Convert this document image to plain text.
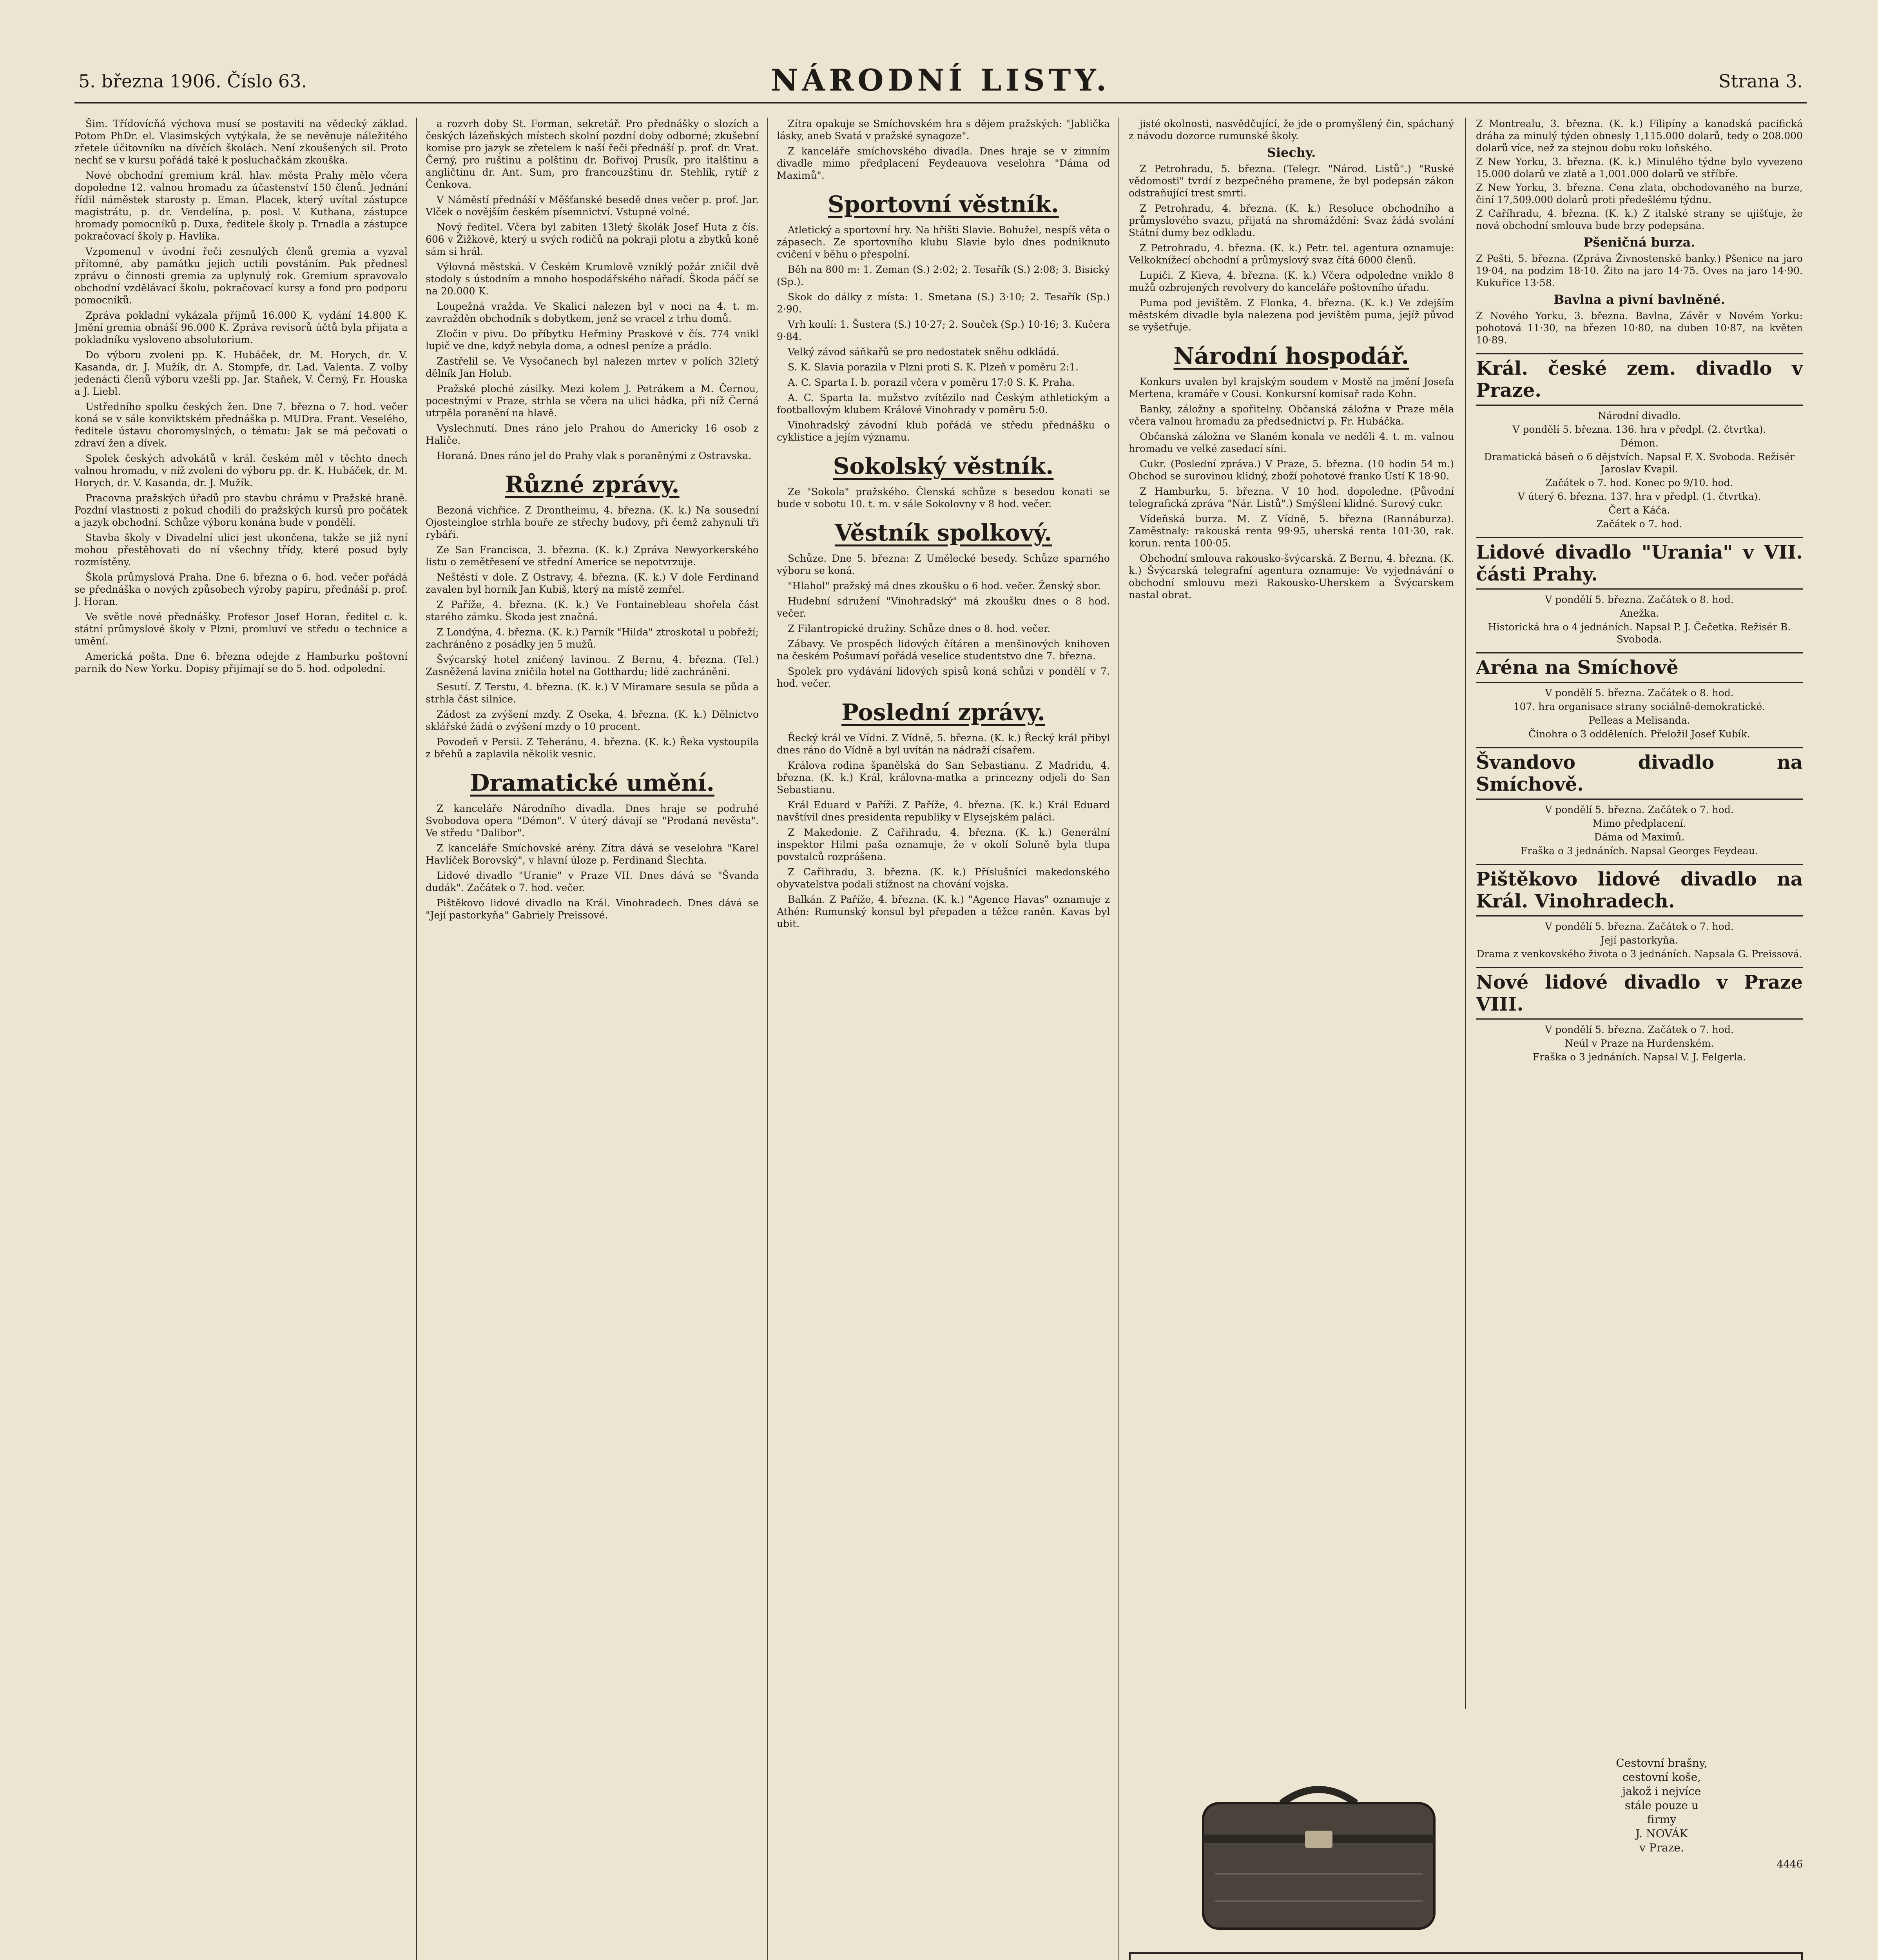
5. března 1906. Číslo 63.	NÁRODNÍ LISTY.	Strana 3.

Šim. Třídovícňá výchova musí se postaviti na vědecký základ. Potom PhDr. el. Vlasimských vytýkala, že se nevěnuje náležitého zřetele účitovníku na dívčích školách. Není zkoušených sil. Proto nechť se v kursu pořádá také k posluchačkám zkouška.

Nové obchodní gremium král. hlav. města Prahy mělo včera dopoledne 12. valnou hromadu za účastenství 150 členů. Jednání řídil náměstek starosty p. Eman. Placek, který uvítal zástupce magistrátu, p. dr. Vendelína, p. posl. V. Kuthana, zástupce hromady pomocníků p. Duxa, ředitele školy p. Trnadla a zástupce pokračovací školy p. Havlíka.

Vzpomenul v úvodní řeči zesnulých členů gremia a vyzval přítomné, aby památku jejich uctili povstáním. Pak přednesl zprávu o činnosti gremia za uplynulý rok. Gremium spravovalo obchodní vzdělávací školu, pokračovací kursy a fond pro podporu pomocníků.

Zpráva pokladní vykázala příjmů 16.000 K, vydání 14.800 K. Jmění gremia obnáší 96.000 K. Zpráva revisorů účtů byla přijata a pokladníku vysloveno absolutorium.

Do výboru zvoleni pp. K. Hubáček, dr. M. Horych, dr. V. Kasanda, dr. J. Mužík, dr. A. Stompfe, dr. Lad. Valenta. Z volby jedenácti členů výboru vzešli pp. Jar. Staňek, V. Černý, Fr. Houska a J. Liebl.

Ustředního spolku českých žen. Dne 7. března o 7. hod. večer koná se v sále konviktském přednáška p. MUDra. Frant. Veselého, ředitele ústavu choromyslných, o tématu: Jak se má pečovati o zdraví žen a dívek.

Spolek českých advokátů v král. českém měl v těchto dnech valnou hromadu, v níž zvoleni do výboru pp. dr. K. Hubáček, dr. M. Horych, dr. V. Kasanda, dr. J. Mužík.

Pracovna pražských úřadů pro stavbu chrámu v Pražské hraně. Pozdní vlastnosti z pokud chodili do pražských kursů pro počátek a jazyk obchodní. Schůze výboru konána bude v pondělí.

Stavba školy v Divadelní ulici jest ukončena, takže se již nyní mohou přestěhovati do ní všechny třídy, které posud byly rozmístěny.

Škola průmyslová Praha. Dne 6. března o 6. hod. večer pořádá se přednáška o nových způsobech výroby papíru, přednáší p. prof. J. Horan.

Ve světle nové přednášky. Profesor Josef Horan, ředitel c. k. státní průmyslové školy v Plzni, promluví ve středu o technice a umění.

Americká pošta. Dne 6. března odejde z Hamburku poštovní parník do New Yorku. Dopisy přijímají se do 5. hod. odpolední.

a rozvrh doby St. Forman, sekretář. Pro přednášky o slozích a českých lázeňských místech skolní pozdní doby odborné; zkušební komise pro jazyk se zřetelem k naší řeči přednáší p. prof. dr. Vrat. Černý, pro ruštinu a polštinu dr. Bořivoj Prusík, pro italštinu a angličtinu dr. Ant. Sum, pro francouzštinu dr. Stehlík, rytíř z Čenkova.

V Náměstí přednáší v Měšťanské besedě dnes večer p. prof. Jar. Vlček o novějším českém písemnictví. Vstupné volné.

Nový ředitel. Včera byl zabiten 13letý školák Josef Huta z čís. 606 v Žižkově, který u svých rodičů na pokraji plotu a zbytků koně sám si hrál.

Výlovná městská. V Českém Krumlově vzniklý požár zničil dvě stodoly s ústodním a mnoho hospodářského nářadí. Škoda páčí se na 20.000 K.

Loupežná vražda. Ve Skalici nalezen byl v noci na 4. t. m. zavražděn obchodník s dobytkem, jenž se vracel z trhu domů.

Zločin v pivu. Do příbytku Heřminy Praskové v čís. 774 vnikl lupič ve dne, když nebyla doma, a odnesl peníze a prádlo.

Zastřelil se. Ve Vysočanech byl nalezen mrtev v polích 32letý dělník Jan Holub.

Pražské ploché zásilky. Mezi kolem J. Petrákem a M. Černou, pocestnými v Praze, strhla se včera na ulici hádka, při níž Černá utrpěla poranění na hlavě.

Vyslechnutí. Dnes ráno jelo Prahou do Americky 16 osob z Haliče.

Horaná. Dnes ráno jel do Prahy vlak s poraněnými z Ostravska.

Různé zprávy.

Bezoná vichřice. Z Drontheimu, 4. března. (K. k.) Na sousední Ojosteingloe strhla bouře ze střechy budovy, při čemž zahynuli tři rybáři.

Ze San Francisca, 3. března. (K. k.) Zpráva Newyorkerského listu o zemětřesení ve střední Americe se nepotvrzuje.

Neštěstí v dole. Z Ostravy, 4. března. (K. k.) V dole Ferdinand zavalen byl horník Jan Kubiš, který na místě zemřel.

Z Paříže, 4. března. (K. k.) Ve Fontainebleau shořela část starého zámku. Škoda jest značná.

Z Londýna, 4. března. (K. k.) Parník "Hilda" ztroskotal u pobřeží; zachráněno z posádky jen 5 mužů.

Švýcarský hotel zničený lavinou. Z Bernu, 4. března. (Tel.) Zasněžená lavina zničila hotel na Gotthardu; lidé zachráněni.

Sesutí. Z Terstu, 4. března. (K. k.) V Miramare sesula se půda a strhla část silnice.

Zádost za zvýšení mzdy. Z Oseka, 4. března. (K. k.) Dělnictvo sklářské žádá o zvýšení mzdy o 10 procent.

Povodeň v Persii. Z Teheránu, 4. března. (K. k.) Řeka vystoupila z břehů a zaplavila několik vesnic.

Dramatické umění.

Z kanceláře Národního divadla. Dnes hraje se podruhé Svobodova opera "Démon". V úterý dávají se "Prodaná nevěsta". Ve středu "Dalibor".

Z kanceláře Smíchovské arény. Zítra dává se veselohra "Karel Havlíček Borovský", v hlavní úloze p. Ferdinand Šlechta.

Lidové divadlo "Uranie" v Praze VII. Dnes dává se "Švanda dudák". Začátek o 7. hod. večer.

Pištěkovo lidové divadlo na Král. Vinohradech. Dnes dává se "Její pastorkyňa" Gabriely Preissové.

Zítra opakuje se Smíchovském hra s dějem pražských: "Jablička lásky, aneb Svatá v pražské synagoze".

Z kanceláře smíchovského divadla. Dnes hraje se v zimním divadle mimo předplacení Feydeauova veselohra "Dáma od Maximů".

Sportovní věstník.

Atletický a sportovní hry. Na hřišti Slavie. Bohužel, nespíš věta o zápasech. Ze sportovního klubu Slavie bylo dnes podniknuto cvičení v běhu o přespolní.

Běh na 800 m: 1. Zeman (S.) 2:02; 2. Tesařík (S.) 2:08; 3. Bisický (Sp.).

Skok do dálky z místa: 1. Smetana (S.) 3·10; 2. Tesařík (Sp.) 2·90.

Vrh koulí: 1. Šustera (S.) 10·27; 2. Souček (Sp.) 10·16; 3. Kučera 9·84.

Velký závod sáňkařů se pro nedostatek sněhu odkládá.

S. K. Slavia porazila v Plzni proti S. K. Plzeň v poměru 2:1.

A. C. Sparta I. b. porazil včera v poměru 17:0 S. K. Praha.

A. C. Sparta Ia. mužstvo zvítězilo nad Českým athletickým a footballovým klubem Králové Vinohrady v poměru 5:0.

Vinohradský závodní klub pořádá ve středu přednášku o cyklistice a jejím významu.

Sokolský věstník.

Ze "Sokola" pražského. Členská schůze s besedou konati se bude v sobotu 10. t. m. v sále Sokolovny v 8 hod. večer.

Věstník spolkový.

Schůze. Dne 5. března: Z Umělecké besedy. Schůze sparného výboru se koná.

"Hlahol" pražský má dnes zkoušku o 6 hod. večer. Ženský sbor.

Hudební sdružení "Vinohradský" má zkoušku dnes o 8 hod. večer.

Z Filantropické družiny. Schůze dnes o 8. hod. večer.

Zábavy. Ve prospěch lidových čítáren a menšinových knihoven na českém Pošumaví pořádá veselice studentstvo dne 7. března.

Spolek pro vydávání lidových spisů koná schůzi v pondělí v 7. hod. večer.

Poslední zprávy.

Řecký král ve Vídni. Z Vídně, 5. března. (K. k.) Řecký král přibyl dnes ráno do Vídně a byl uvítán na nádraží císařem.

Králova rodina španělská do San Sebastianu. Z Madridu, 4. března. (K. k.) Král, královna-matka a princezny odjeli do San Sebastianu.

Král Eduard v Paříži. Z Paříže, 4. března. (K. k.) Král Eduard navštívil dnes presidenta republiky v Elysejském paláci.

Z Makedonie. Z Cařihradu, 4. března. (K. k.) Generální inspektor Hilmi paša oznamuje, že v okolí Soluně byla tlupa povstalců rozprášena.

Z Cařihradu, 3. března. (K. k.) Příslušníci makedonského obyvatelstva podali stížnost na chování vojska.

Balkán. Z Paříže, 4. března. (K. k.) "Agence Havas" oznamuje z Athén: Rumunský konsul byl přepaden a těžce raněn. Kavas byl ubit.

jisté okolnosti, nasvědčující, že jde o promyšlený čin, spáchaný z návodu dozorce rumunské školy.

Siechy.

Z Petrohradu, 5. března. (Telegr. "Národ. Listů".) "Ruské vědomosti" tvrdí z bezpečného pramene, že byl podepsán zákon odstraňující trest smrti.

Z Petrohradu, 4. března. (K. k.) Resoluce obchodního a průmyslového svazu, přijatá na shromáždění: Svaz žádá svolání Státní dumy bez odkladu.

Z Petrohradu, 4. března. (K. k.) Petr. tel. agentura oznamuje: Velkoknížecí obchodní a průmyslový svaz čítá 6000 členů.

Lupiči. Z Kieva, 4. března. (K. k.) Včera odpoledne vniklo 8 mužů ozbrojených revolvery do kanceláře poštovního úřadu.

Puma pod jevištěm. Z Flonka, 4. března. (K. k.) Ve zdejším městském divadle byla nalezena pod jevištěm puma, jejíž původ se vyšetřuje.

Národní hospodář.

Konkurs uvalen byl krajským soudem v Mostě na jmění Josefa Mertena, kramáře v Cousi. Konkursní komisař rada Kohn.

Banky, záložny a spořitelny. Občanská záložna v Praze měla včera valnou hromadu za předsednictví p. Fr. Hubáčka.

Občanská záložna ve Slaném konala ve neděli 4. t. m. valnou hromadu ve velké zasedací síni.

Cukr. (Poslední zpráva.) V Praze, 5. března. (10 hodin 54 m.) Obchod se surovinou klidný, zboží pohotové franko Ústí K 18·90.

Z Hamburku, 5. března. V 10 hod. dopoledne. (Původní telegrafická zpráva "Nár. Listů".) Smýšlení klidné. Surový cukr.

Vídeňská burza. M. Z Vídně, 5. března (Rannáburza). Zaměstnaly: rakouská renta 99·95, uherská renta 101·30, rak. korun. renta 100·05.

Obchodní smlouva rakousko-švýcarská. Z Bernu, 4. března. (K. k.) Švýcarská telegrafní agentura oznamuje: Ve vyjednávání o obchodní smlouvu mezi Rakousko-Uherskem a Švýcarskem nastal obrat.

Z Montrealu, 3. března. (K. k.) Filipíny a kanadská pacifická dráha za minulý týden obnesly 1,115.000 dolarů, tedy o 208.000 dolarů více, než za stejnou dobu roku loňského.

Z New Yorku, 3. března. (K. k.) Minulého týdne bylo vyvezeno 15.000 dolarů ve zlatě a 1,001.000 dolarů ve stříbře.

Z New Yorku, 3. března. Cena zlata, obchodovaného na burze, činí 17,509.000 dolarů proti předešlému týdnu.

Z Caříhradu, 4. března. (K. k.) Z italské strany se ujišťuje, že nová obchodní smlouva bude brzy podepsána.

Pšeničná burza.

Z Pešti, 5. března. (Zpráva Živnostenské banky.) Pšenice na jaro 19·04, na podzim 18·10. Žito na jaro 14·75. Oves na jaro 14·90. Kukuřice 13·58.

Bavlna a pivní bavlněné.

Z Nového Yorku, 3. března. Bavlna, Závěr v Novém Yorku: pohotová 11·30, na březen 10·80, na duben 10·87, na květen 10·89.

Král. české zem. divadlo v Praze.

Národní divadlo.

V pondělí 5. března. 136. hra v předpl. (2. čtvrtka).

Démon.

Dramatická báseň o 6 dějstvích. Napsal F. X. Svoboda. Režisér Jaroslav Kvapil.

Začátek o 7. hod. Konec po 9/10. hod.

V úterý 6. března. 137. hra v předpl. (1. čtvrtka).

Čert a Káča.

Začátek o 7. hod.

Lidové divadlo "Urania" v VII. části Prahy.

V pondělí 5. března. Začátek o 8. hod.

Anežka.

Historická hra o 4 jednáních. Napsal P. J. Čečetka. Režisér B. Svoboda.

Aréna na Smíchově

V pondělí 5. března. Začátek o 8. hod.

107. hra organisace strany sociálně-demokratické.

Pelleas a Melisanda.

Činohra o 3 odděleních. Přeložil Josef Kubík.

Švandovo divadlo na Smíchově.

V pondělí 5. března. Začátek o 7. hod.

Mimo předplacení.

Dáma od Maximů.

Fraška o 3 jednáních. Napsal Georges Feydeau.

Pištěkovo lidové divadlo na Král. Vinohradech.

V pondělí 5. března. Začátek o 7. hod.

Její pastorkyňa.

Drama z venkovského života o 3 jednáních. Napsala G. Preissová.

Nové lidové divadlo v Praze VIII.

V pondělí 5. března. Začátek o 7. hod.

Neúl v Praze na Hurdenském.

Fraška o 3 jednáních. Napsal V. J. Felgerla.

Cestovní brašny,

cestovní koše,

jakož i nejvíce

stále pouze u

firmy

J. NOVÁK

v Praze.

4446
